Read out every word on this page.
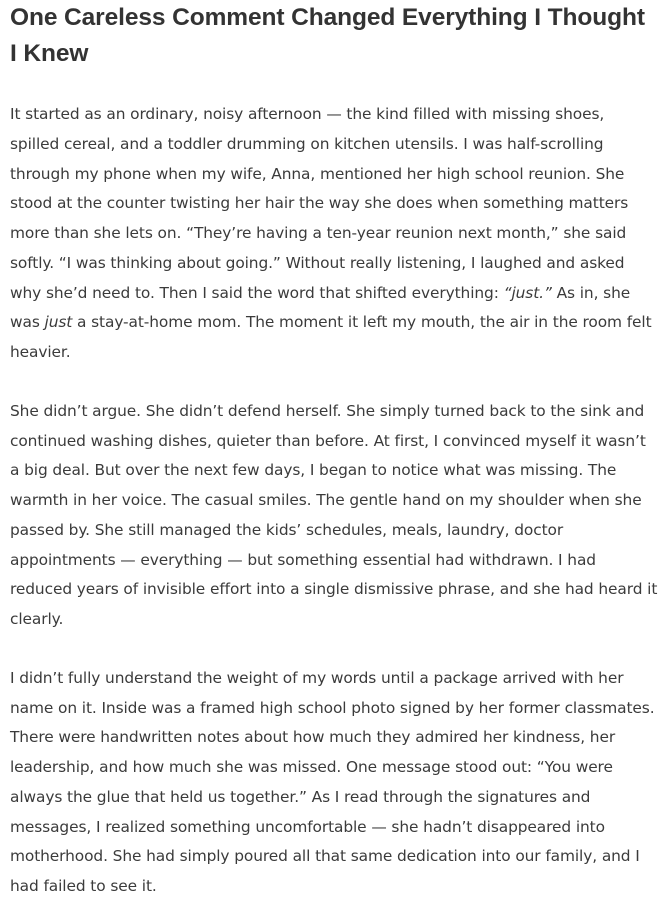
One Careless Comment Changed Everything I Thought I Knew

It started as an ordinary, noisy afternoon — the kind filled with missing shoes, spilled cereal, and a toddler drumming on kitchen utensils. I was half-scrolling through my phone when my wife, Anna, mentioned her high school reunion. She stood at the counter twisting her hair the way she does when something matters more than she lets on. “They’re having a ten-year reunion next month,” she said softly. “I was thinking about going.” Without really listening, I laughed and asked why she’d need to. Then I said the word that shifted everything: “just.” As in, she was just a stay-at-home mom. The moment it left my mouth, the air in the room felt heavier.

She didn’t argue. She didn’t defend herself. She simply turned back to the sink and continued washing dishes, quieter than before. At first, I convinced myself it wasn’t a big deal. But over the next few days, I began to notice what was missing. The warmth in her voice. The casual smiles. The gentle hand on my shoulder when she passed by. She still managed the kids’ schedules, meals, laundry, doctor appointments — everything — but something essential had withdrawn. I had reduced years of invisible effort into a single dismissive phrase, and she had heard it clearly.

I didn’t fully understand the weight of my words until a package arrived with her name on it. Inside was a framed high school photo signed by her former classmates. There were handwritten notes about how much they admired her kindness, her leadership, and how much she was missed. One message stood out: “You were always the glue that held us together.” As I read through the signatures and messages, I realized something uncomfortable — she hadn’t disappeared into motherhood. She had simply poured all that same dedication into our family, and I had failed to see it.
